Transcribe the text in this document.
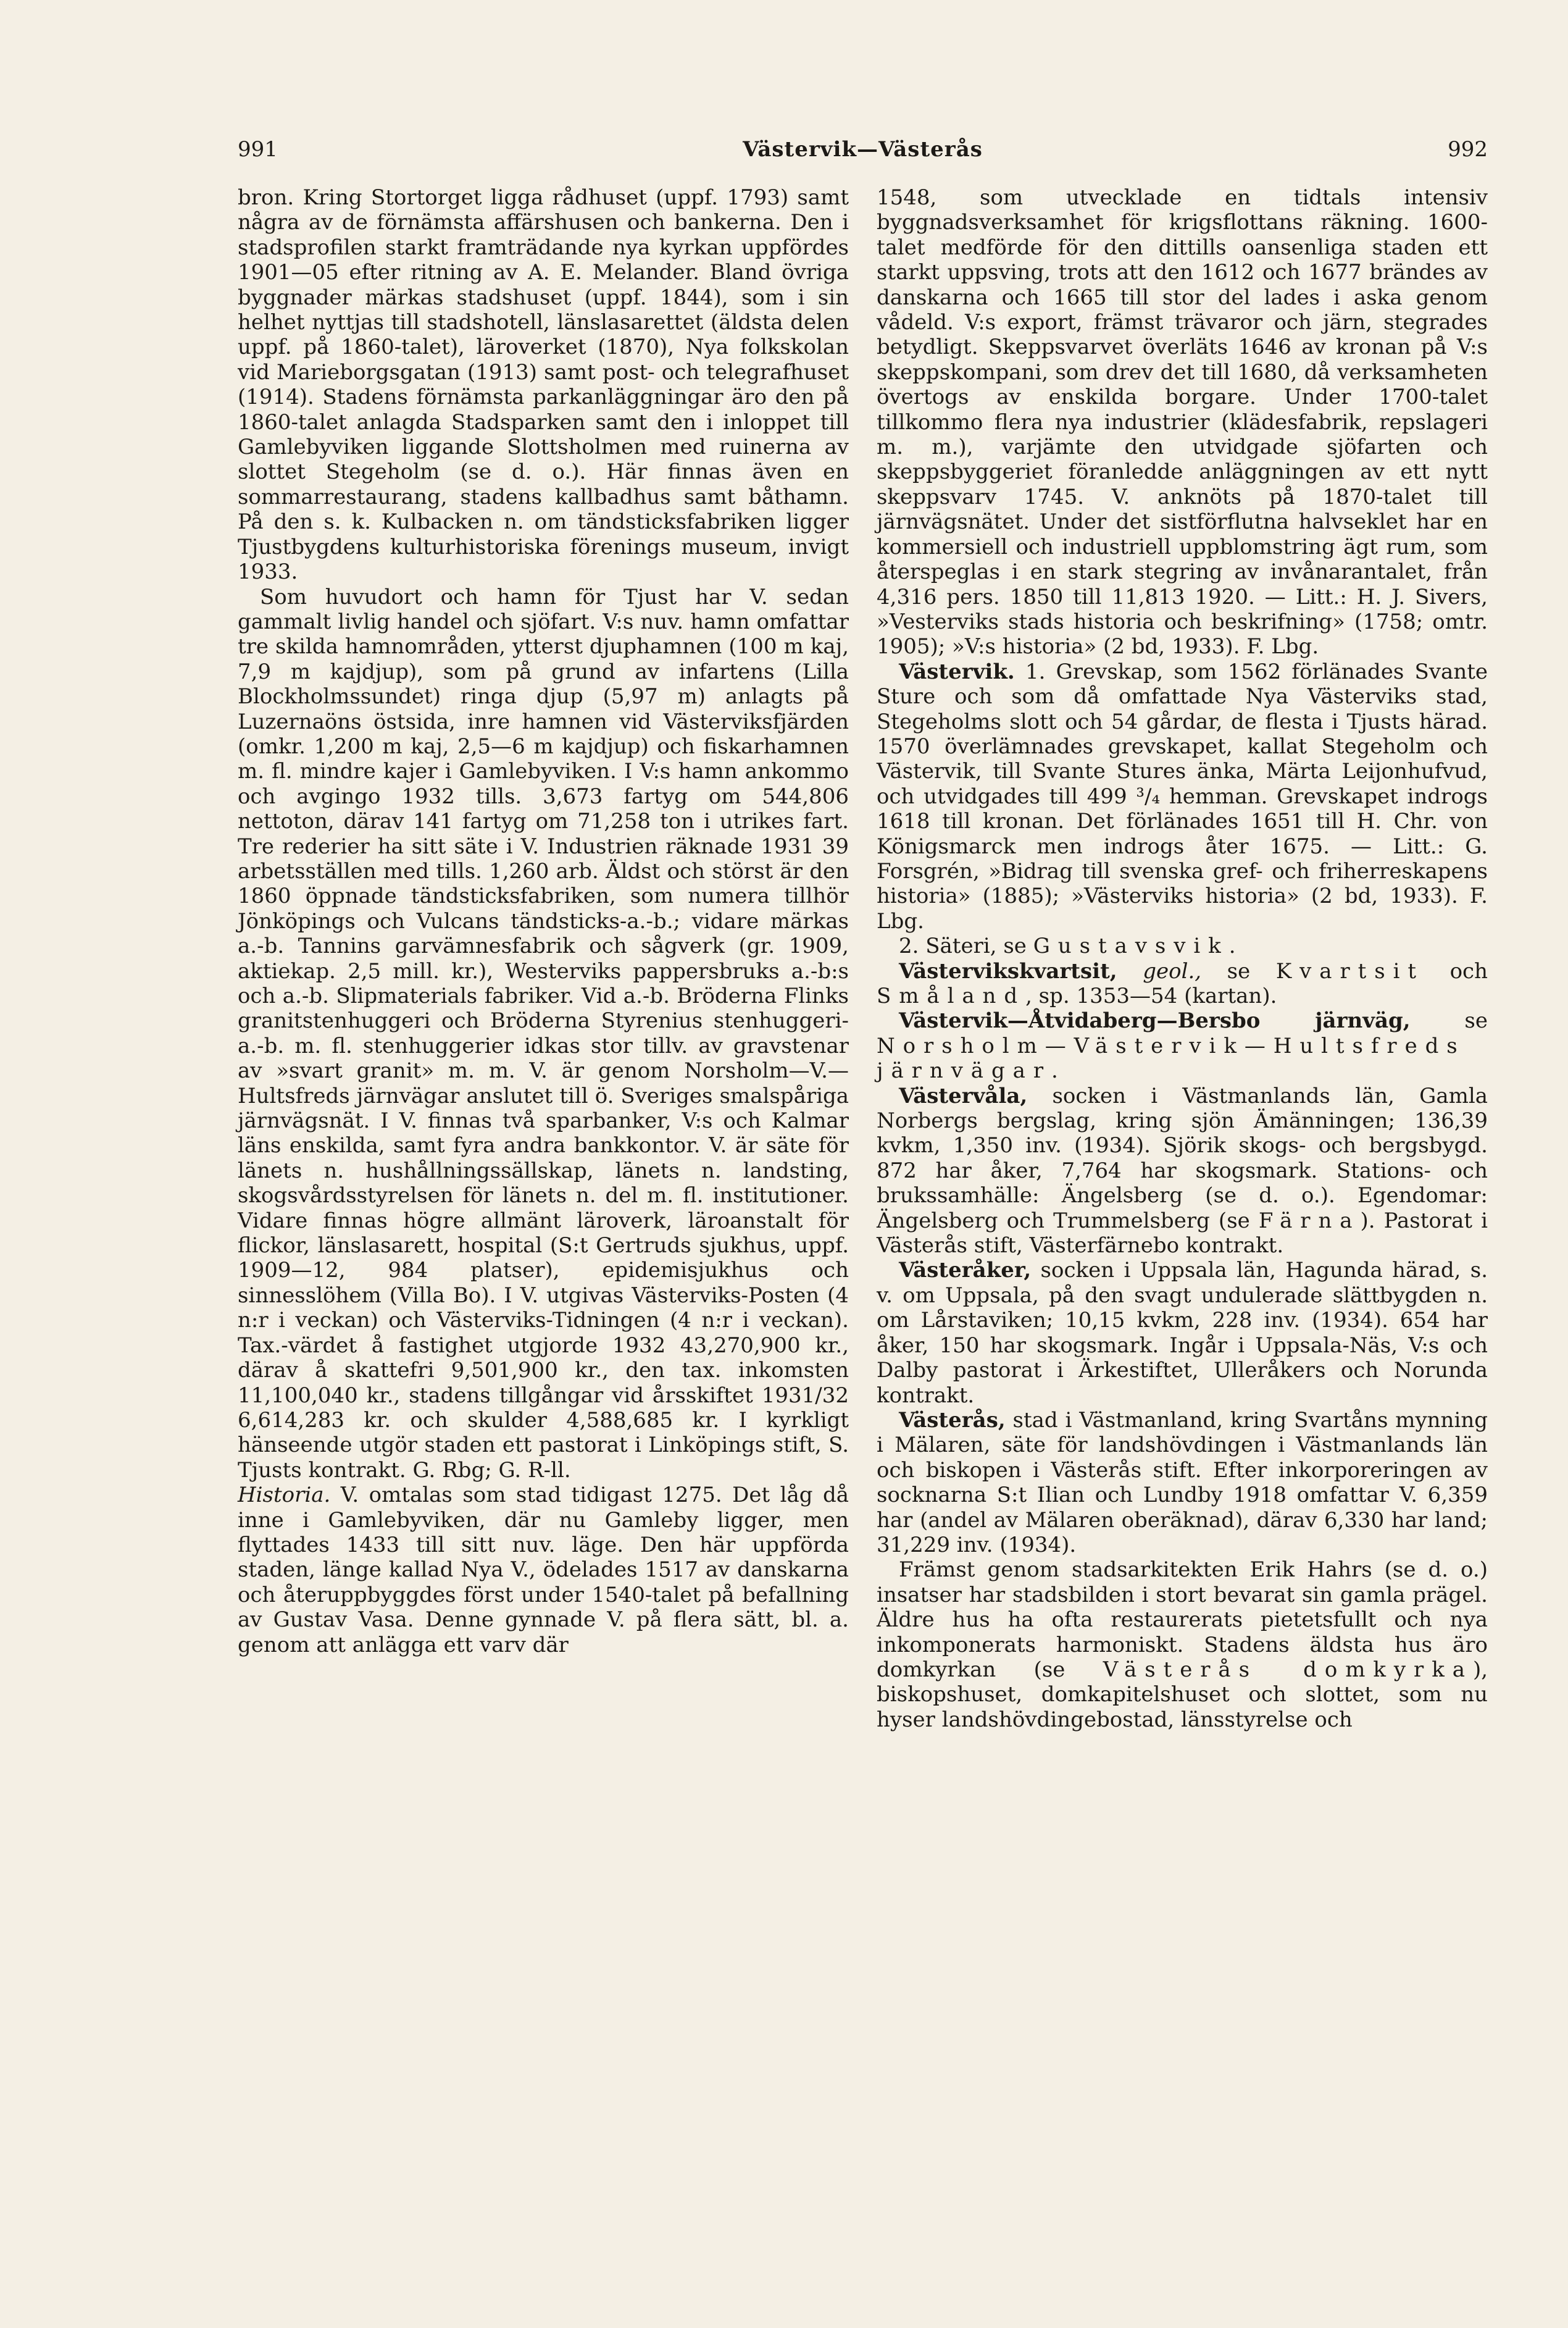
991	Västervik—Västerås	992

bron. Kring Stortorget ligga rådhuset (uppf. 1793) samt några av de förnämsta affärshusen och bankerna. Den i stadsprofilen starkt framträdande nya kyrkan uppfördes 1901—05 efter ritning av A. E. Melander. Bland övriga byggnader märkas stadshuset (uppf. 1844), som i sin helhet nyttjas till stadshotell, länslasarettet (äldsta delen uppf. på 1860-talet), läroverket (1870), Nya folkskolan vid Marieborgsgatan (1913) samt post- och telegrafhuset (1914). Stadens förnämsta parkanläggningar äro den på 1860-talet anlagda Stadsparken samt den i inloppet till Gamlebyviken liggande Slottsholmen med ruinerna av slottet Stegeholm (se d. o.). Här finnas även en sommarrestaurang, stadens kallbadhus samt båthamn. På den s. k. Kulbacken n. om tändsticksfabriken ligger Tjustbygdens kulturhistoriska förenings museum, invigt 1933.

Som huvudort och hamn för Tjust har V. sedan gammalt livlig handel och sjöfart. V:s nuv. hamn omfattar tre skilda hamnområden, ytterst djuphamnen (100 m kaj, 7,9 m kajdjup), som på grund av infartens (Lilla Blockholmssundet) ringa djup (5,97 m) anlagts på Luzernaöns östsida, inre hamnen vid Västerviksfjärden (omkr. 1,200 m kaj, 2,5—6 m kajdjup) och fiskarhamnen m. fl. mindre kajer i Gamlebyviken. I V:s hamn ankommo och avgingo 1932 tills. 3,673 fartyg om 544,806 nettoton, därav 141 fartyg om 71,258 ton i utrikes fart. Tre rederier ha sitt säte i V. Industrien räknade 1931 39 arbetsställen med tills. 1,260 arb. Äldst och störst är den 1860 öppnade tändsticksfabriken, som numera tillhör Jönköpings och Vulcans tändsticks-a.-b.; vidare märkas a.-b. Tannins garvämnesfabrik och sågverk (gr. 1909, aktiekap. 2,5 mill. kr.), Westerviks pappersbruks a.-b:s och a.-b. Slipmaterials fabriker. Vid a.-b. Bröderna Flinks granitstenhuggeri och Bröderna Styrenius stenhuggeri-a.-b. m. fl. stenhuggerier idkas stor tillv. av gravstenar av »svart granit» m. m. V. är genom Norsholm—V.—Hultsfreds järnvägar anslutet till ö. Sveriges smalspåriga järnvägsnät. I V. finnas två sparbanker, V:s och Kalmar läns enskilda, samt fyra andra bankkontor. V. är säte för länets n. hushållningssällskap, länets n. landsting, skogsvårdsstyrelsen för länets n. del m. fl. institutioner. Vidare finnas högre allmänt läroverk, läroanstalt för flickor, länslasarett, hospital (S:t Gertruds sjukhus, uppf. 1909—12, 984 platser), epidemisjukhus och sinnesslöhem (Villa Bo). I V. utgivas Västerviks-Posten (4 n:r i veckan) och Västerviks-Tidningen (4 n:r i veckan). Tax.-värdet å fastighet utgjorde 1932 43,270,900 kr., därav å skattefri 9,501,900 kr., den tax. inkomsten 11,100,040 kr., stadens tillgångar vid årsskiftet 1931/32 6,614,283 kr. och skulder 4,588,685 kr. I kyrkligt hänseende utgör staden ett pastorat i Linköpings stift, S. Tjusts kontrakt. G. Rbg; G. R-ll.

Historia. V. omtalas som stad tidigast 1275. Det låg då inne i Gamlebyviken, där nu Gamleby ligger, men flyttades 1433 till sitt nuv. läge. Den här uppförda staden, länge kallad Nya V., ödelades 1517 av danskarna och återuppbyggdes först under 1540-talet på befallning av Gustav Vasa. Denne gynnade V. på flera sätt, bl. a. genom att anlägga ett varv där

1548, som utvecklade en tidtals intensiv byggnadsverksamhet för krigsflottans räkning. 1600-talet medförde för den dittills oansenliga staden ett starkt uppsving, trots att den 1612 och 1677 brändes av danskarna och 1665 till stor del lades i aska genom vådeld. V:s export, främst trävaror och järn, stegrades betydligt. Skeppsvarvet överläts 1646 av kronan på V:s skeppskompani, som drev det till 1680, då verksamheten övertogs av enskilda borgare. Under 1700-talet tillkommo flera nya industrier (klädesfabrik, repslageri m. m.), varjämte den utvidgade sjöfarten och skeppsbyggeriet föranledde anläggningen av ett nytt skeppsvarv 1745. V. anknöts på 1870-talet till järnvägsnätet. Under det sistförflutna halvseklet har en kommersiell och industriell uppblomstring ägt rum, som återspeglas i en stark stegring av invånarantalet, från 4,316 pers. 1850 till 11,813 1920. — Litt.: H. J. Sivers, »Vesterviks stads historia och beskrifning» (1758; omtr. 1905); »V:s historia» (2 bd, 1933). F. Lbg.

Västervik. 1. Grevskap, som 1562 förlänades Svante Sture och som då omfattade Nya Västerviks stad, Stegeholms slott och 54 gårdar, de flesta i Tjusts härad. 1570 överlämnades grevskapet, kallat Stegeholm och Västervik, till Svante Stures änka, Märta Leijonhufvud, och utvidgades till 499 ³/₄ hemman. Grevskapet indrogs 1618 till kronan. Det förlänades 1651 till H. Chr. von Königsmarck men indrogs åter 1675. — Litt.: G. Forsgrén, »Bidrag till svenska gref- och friherreskapens historia» (1885); »Västerviks historia» (2 bd, 1933). F. Lbg.

2. Säteri, se Gustavsvik.

Västervikskvartsit, geol., se Kvartsit och Småland, sp. 1353—54 (kartan).

Västervik—Åtvidaberg—Bersbo järnväg,	se Norsholm—Västervik—Hultsfreds järnvägar.

Västervåla, socken i Västmanlands län, Gamla Norbergs bergslag, kring sjön Ämänningen; 136,39 kvkm, 1,350 inv. (1934). Sjörik skogs- och bergsbygd. 872 har åker, 7,764 har skogsmark. Stations- och brukssamhälle: Ängelsberg (se d. o.). Egendomar: Ängelsberg och Trummelsberg (se Färna). Pastorat i Västerås stift, Västerfärnebo kontrakt.

Västeråker, socken i Uppsala län, Hagunda härad, s. v. om Uppsala, på den svagt undulerade slättbygden n. om Lårstaviken; 10,15 kvkm, 228 inv. (1934). 654 har åker, 150 har skogsmark. Ingår i Uppsala-Näs, V:s och Dalby pastorat i Ärkestiftet, Ulleråkers och Norunda kontrakt.

Västerås, stad i Västmanland, kring Svartåns mynning i Mälaren, säte för landshövdingen i Västmanlands län och biskopen i Västerås stift. Efter inkorporeringen av socknarna S:t Ilian och Lundby 1918 omfattar V. 6,359 har (andel av Mälaren oberäknad), därav 6,330 har land; 31,229 inv. (1934).

Främst genom stadsarkitekten Erik Hahrs (se d. o.) insatser har stadsbilden i stort bevarat sin gamla prägel. Äldre hus ha ofta restaurerats pietetsfullt och nya inkomponerats harmoniskt. Stadens äldsta hus äro domkyrkan (se Västerås domkyrka), biskopshuset, domkapitelshuset och slottet, som nu hyser landshövdingebostad, länsstyrelse och
